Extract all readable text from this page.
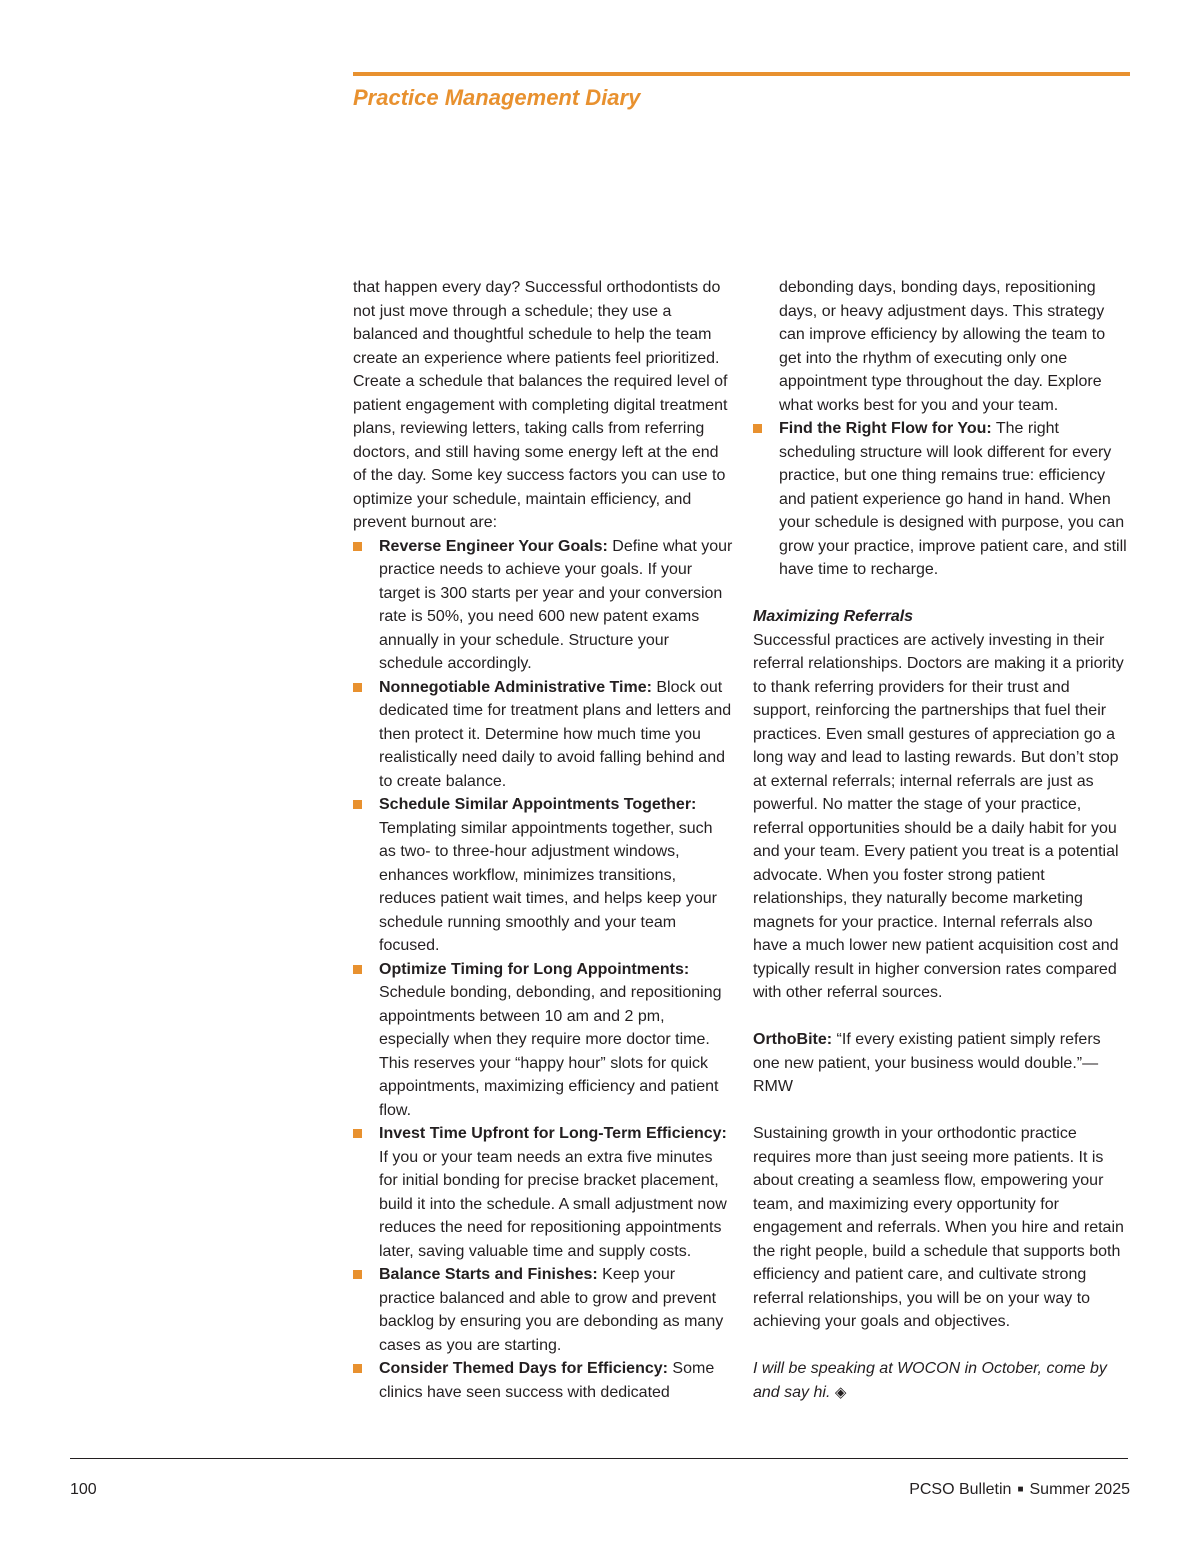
Practice Management Diary

that happen every day? Successful orthodontists do not just move through a schedule; they use a balanced and thoughtful schedule to help the team create an experience where patients feel prioritized. Create a schedule that balances the required level of patient engagement with completing digital treatment plans, reviewing letters, taking calls from referring doctors, and still having some energy left at the end of the day. Some key success factors you can use to optimize your schedule, maintain efficiency, and prevent burnout are:

Reverse Engineer Your Goals: Define what your practice needs to achieve your goals. If your target is 300 starts per year and your conversion rate is 50%, you need 600 new patent exams annually in your schedule. Structure your schedule accordingly.
Nonnegotiable Administrative Time: Block out dedicated time for treatment plans and letters and then protect it. Determine how much time you realistically need daily to avoid falling behind and to create balance.
Schedule Similar Appointments Together: Templating similar appointments together, such as two- to three-hour adjustment windows, enhances workflow, minimizes transitions, reduces patient wait times, and helps keep your schedule running smoothly and your team focused.
Optimize Timing for Long Appointments: Schedule bonding, debonding, and repositioning appointments between 10 am and 2 pm, especially when they require more doctor time. This reserves your “happy hour” slots for quick appointments, maximizing efficiency and patient flow.
Invest Time Upfront for Long-Term Efficiency: If you or your team needs an extra five minutes for initial bonding for precise bracket placement, build it into the schedule. A small adjustment now reduces the need for repositioning appointments later, saving valuable time and supply costs.
Balance Starts and Finishes: Keep your practice balanced and able to grow and prevent backlog by ensuring you are debonding as many cases as you are starting.
Consider Themed Days for Efficiency: Some clinics have seen success with dedicated

debonding days, bonding days, repositioning days, or heavy adjustment days. This strategy can improve efficiency by allowing the team to get into the rhythm of executing only one appointment type throughout the day. Explore what works best for you and your team.

Find the Right Flow for You: The right scheduling structure will look different for every practice, but one thing remains true: efficiency and patient experience go hand in hand. When your schedule is designed with purpose, you can grow your practice, improve patient care, and still have time to recharge.

Maximizing Referrals

Successful practices are actively investing in their referral relationships. Doctors are making it a priority to thank referring providers for their trust and support, reinforcing the partnerships that fuel their practices. Even small gestures of appreciation go a long way and lead to lasting rewards. But don’t stop at external referrals; internal referrals are just as powerful. No matter the stage of your practice, referral opportunities should be a daily habit for you and your team. Every patient you treat is a potential advocate. When you foster strong patient relationships, they naturally become marketing magnets for your practice. Internal referrals also have a much lower new patient acquisition cost and typically result in higher conversion rates compared with other referral sources.

OrthoBite: “If every existing patient simply refers one new patient, your business would double.”—RMW

Sustaining growth in your orthodontic practice requires more than just seeing more patients. It is about creating a seamless flow, empowering your team, and maximizing every opportunity for engagement and referrals. When you hire and retain the right people, build a schedule that supports both efficiency and patient care, and cultivate strong referral relationships, you will be on your way to achieving your goals and objectives.

I will be speaking at WOCON in October, come by and say hi. ◈

100	PCSO Bulletin ■ Summer 2025
